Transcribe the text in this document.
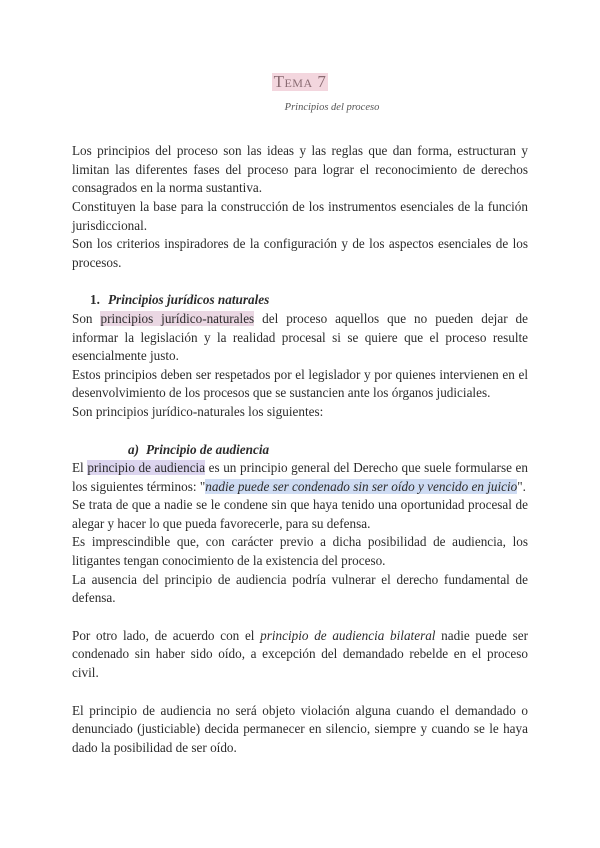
Tema 7
Principios del proceso

Los principios del proceso son las ideas y las reglas que dan forma, estructuran y limitan las diferentes fases del proceso para lograr el reconocimiento de derechos consagrados en la norma sustantiva.

Constituyen la base para la construcción de los instrumentos esenciales de la función jurisdiccional.

Son los criterios inspiradores de la configuración y de los aspectos esenciales de los procesos.

1. Principios jurídicos naturales

Son principios jurídico-naturales del proceso aquellos que no pueden dejar de informar la legislación y la realidad procesal si se quiere que el proceso resulte esencialmente justo.

Estos principios deben ser respetados por el legislador y por quienes intervienen en el desenvolvimiento de los procesos que se sustancien ante los órganos judiciales.

Son principios jurídico-naturales los siguientes:

a) Principio de audiencia

El principio de audiencia es un principio general del Derecho que suele formularse en los siguientes términos: "nadie puede ser condenado sin ser oído y vencido en juicio".

Se trata de que a nadie se le condene sin que haya tenido una oportunidad procesal de alegar y hacer lo que pueda favorecerle, para su defensa.

Es imprescindible que, con carácter previo a dicha posibilidad de audiencia, los litigantes tengan conocimiento de la existencia del proceso.

La ausencia del principio de audiencia podría vulnerar el derecho fundamental de defensa.

Por otro lado, de acuerdo con el principio de audiencia bilateral nadie puede ser condenado sin haber sido oído, a excepción del demandado rebelde en el proceso civil.

El principio de audiencia no será objeto violación alguna cuando el demandado o denunciado (justiciable) decida permanecer en silencio, siempre y cuando se le haya dado la posibilidad de ser oído.
